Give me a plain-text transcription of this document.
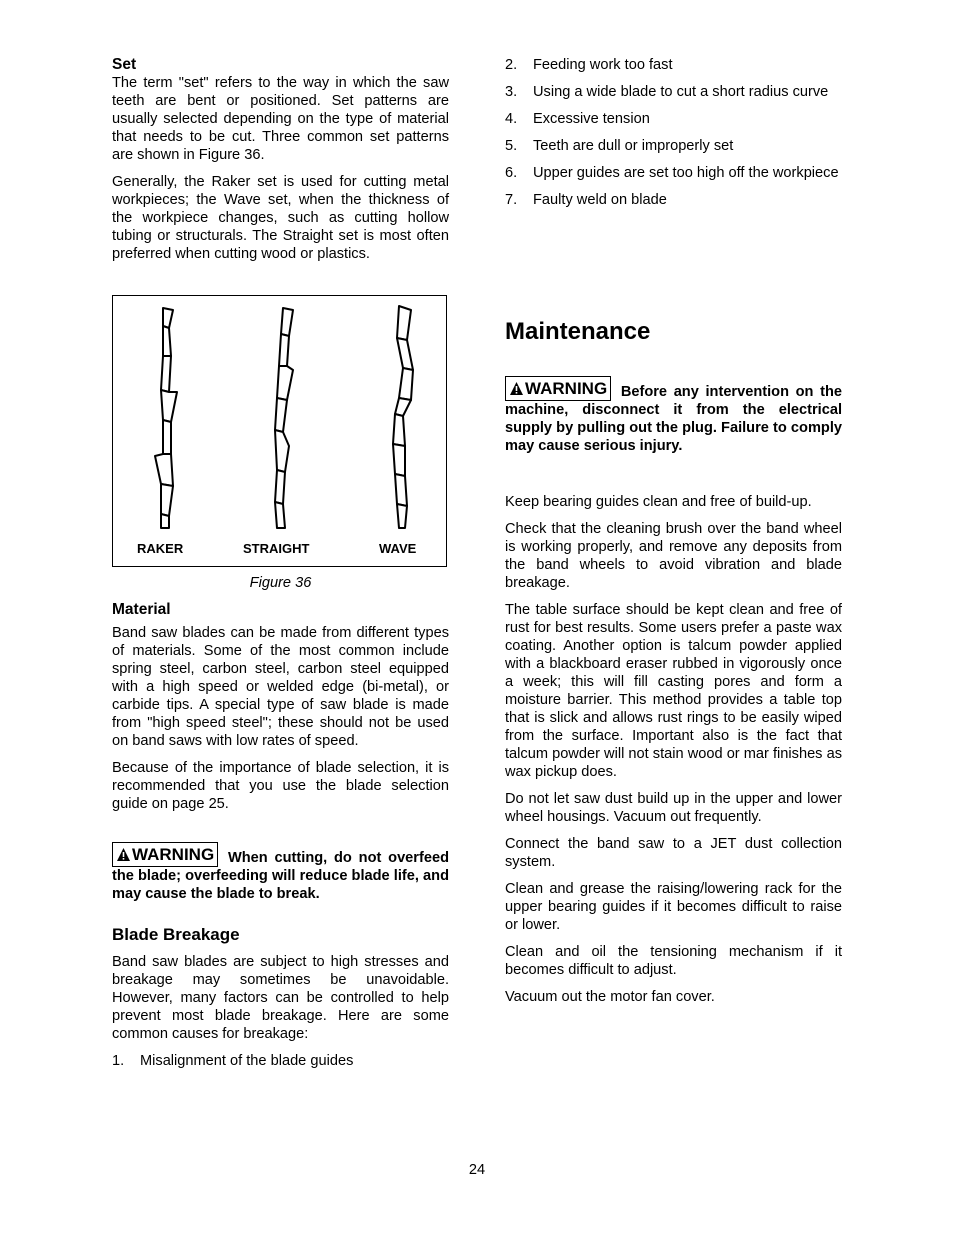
Set

The term "set" refers to the way in which the saw teeth are bent or positioned. Set patterns are usually selected depending on the type of material that needs to be cut. Three common set patterns are shown in Figure 36.

Generally, the Raker set is used for cutting metal workpieces; the Wave set, when the thickness of the workpiece changes, such as cutting hollow tubing or structurals. The Straight set is most often preferred when cutting wood or plastics.

RAKER	STRAIGHT	WAVE
Figure 36
Material

Band saw blades can be made from different types of materials. Some of the most common include spring steel, carbon steel, carbon steel equipped with a high speed or welded edge (bi-metal), or carbide tips. A special type of saw blade is made from "high speed steel"; these should not be used on band saws with low rates of speed.

Because of the importance of blade selection, it is recommended that you use the blade selection guide on page 25.

WARNING When cutting, do not overfeed the blade; overfeeding will reduce blade life, and may cause the blade to break.

Blade Breakage

Band saw blades are subject to high stresses and breakage may sometimes be unavoidable. However, many factors can be controlled to help prevent most blade breakage. Here are some common causes for breakage:

1. Misalignment of the blade guides
2. Feeding work too fast
3. Using a wide blade to cut a short radius curve
4. Excessive tension
5. Teeth are dull or improperly set
6. Upper guides are set too high off the workpiece
7. Faulty weld on blade
Maintenance

WARNING Before any intervention on the machine, disconnect it from the electrical supply by pulling out the plug. Failure to comply may cause serious injury.

Keep bearing guides clean and free of build-up.

Check that the cleaning brush over the band wheel is working properly, and remove any deposits from the band wheels to avoid vibration and blade breakage.

The table surface should be kept clean and free of rust for best results. Some users prefer a paste wax coating. Another option is talcum powder applied with a blackboard eraser rubbed in vigorously once a week; this will fill casting pores and form a moisture barrier. This method provides a table top that is slick and allows rust rings to be easily wiped from the surface. Important also is the fact that talcum powder will not stain wood or mar finishes as wax pickup does.

Do not let saw dust build up in the upper and lower wheel housings. Vacuum out frequently.

Connect the band saw to a JET dust collection system.

Clean and grease the raising/lowering rack for the upper bearing guides if it becomes difficult to raise or lower.

Clean and oil the tensioning mechanism if it becomes difficult to adjust.

Vacuum out the motor fan cover.

24
